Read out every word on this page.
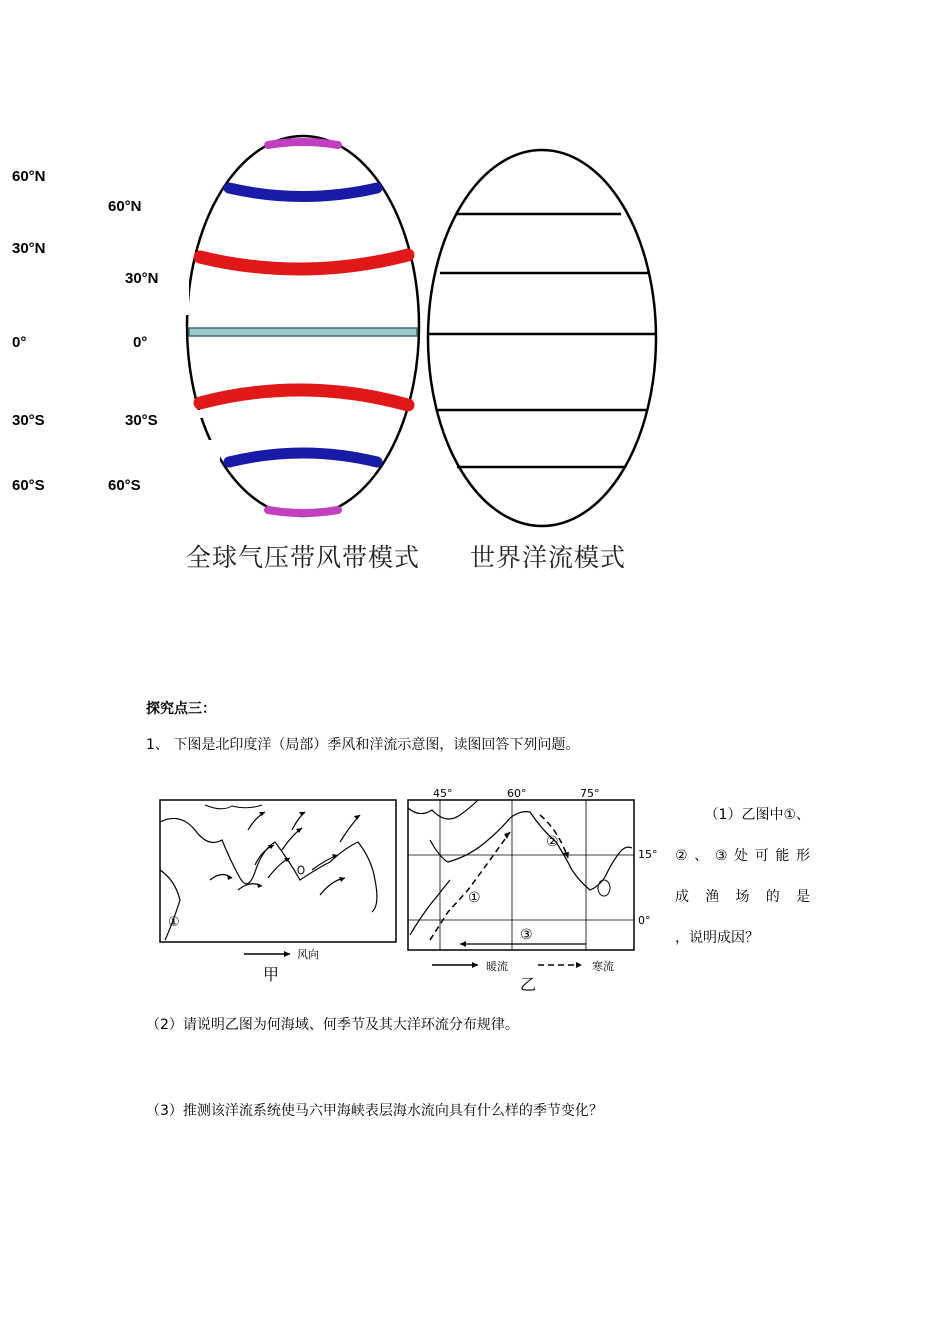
60°N
60°N
30°N
30°N
0°	0°
30°S	30°S
60°S	60°S
全球气压带风带模式 世界洋流模式
探究点三：
1、 下图是北印度洋（局部）季风和洋流示意图，读图回答下列问题。
①
风向
甲
45°	60°	75°
15°
0°
①
②
③
暖流	寒流
乙
（1）乙图中①、
②、③处可能形
成渔场的是
，说明成因？
（2）请说明乙图为何海域、何季节及其大洋环流分布规律。
（3）推测该洋流系统使马六甲海峡表层海水流向具有什么样的季节变化？
